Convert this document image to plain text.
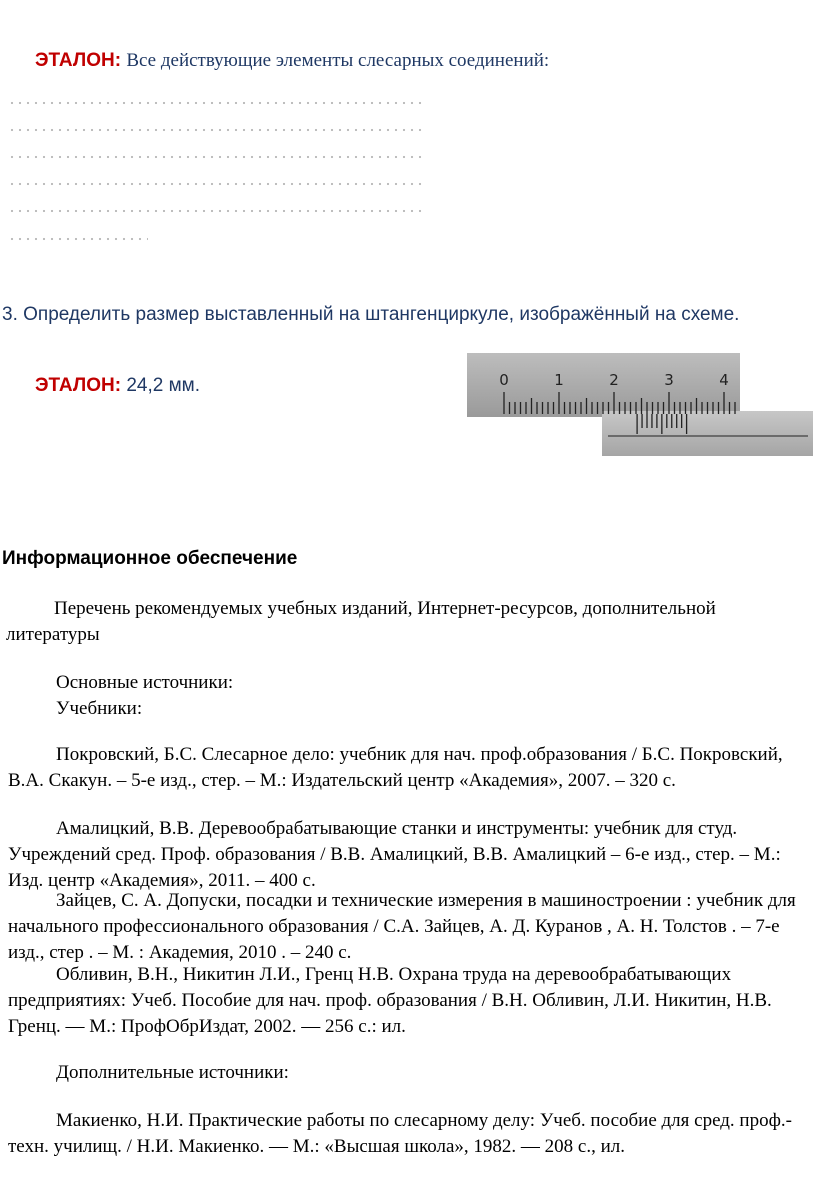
ЭТАЛОН: Все действующие элементы слесарных соединений:
3. Определить размер выставленный на штангенциркуле, изображённый на схеме.
ЭТАЛОН: 24,2 мм.	0	1	2	3	4
Информационное обеспечение
Перечень рекомендуемых учебных изданий, Интернет-ресурсов, дополнительной литературы
Основные источники:
Учебники:
Покровский, Б.С. Слесарное дело: учебник для нач. проф.образования / Б.С. Покровский, В.А. Скакун. – 5-е изд., стер. – М.: Издательский центр «Академия», 2007. – 320 с.
Амалицкий, В.В. Деревообрабатывающие станки и инструменты: учебник для студ. Учреждений сред. Проф. образования / В.В. Амалицкий, В.В. Амалицкий – 6-е изд., стер. – М.: Изд. центр «Академия», 2011. – 400 с.
Зайцев, С. А. Допуски, посадки и технические измерения в машиностроении : учебник для начального профессионального образования / С.А. Зайцев, А. Д. Куранов , А. Н. Толстов . – 7-е изд., стер . – М. : Академия, 2010 . – 240 с.
Обливин, В.Н., Никитин Л.И., Гренц Н.В. Охрана труда на деревообрабатывающих предприятиях: Учеб. Пособие для нач. проф. образования / В.Н. Обливин, Л.И. Никитин, Н.В. Гренц. — М.: ПрофОбрИздат, 2002. — 256 с.: ил.
Дополнительные источники:
Макиенко, Н.И. Практические работы по слесарному делу: Учеб. пособие для сред. проф.-техн. училищ. / Н.И. Макиенко. — М.: «Высшая школа», 1982. — 208 с., ил.
